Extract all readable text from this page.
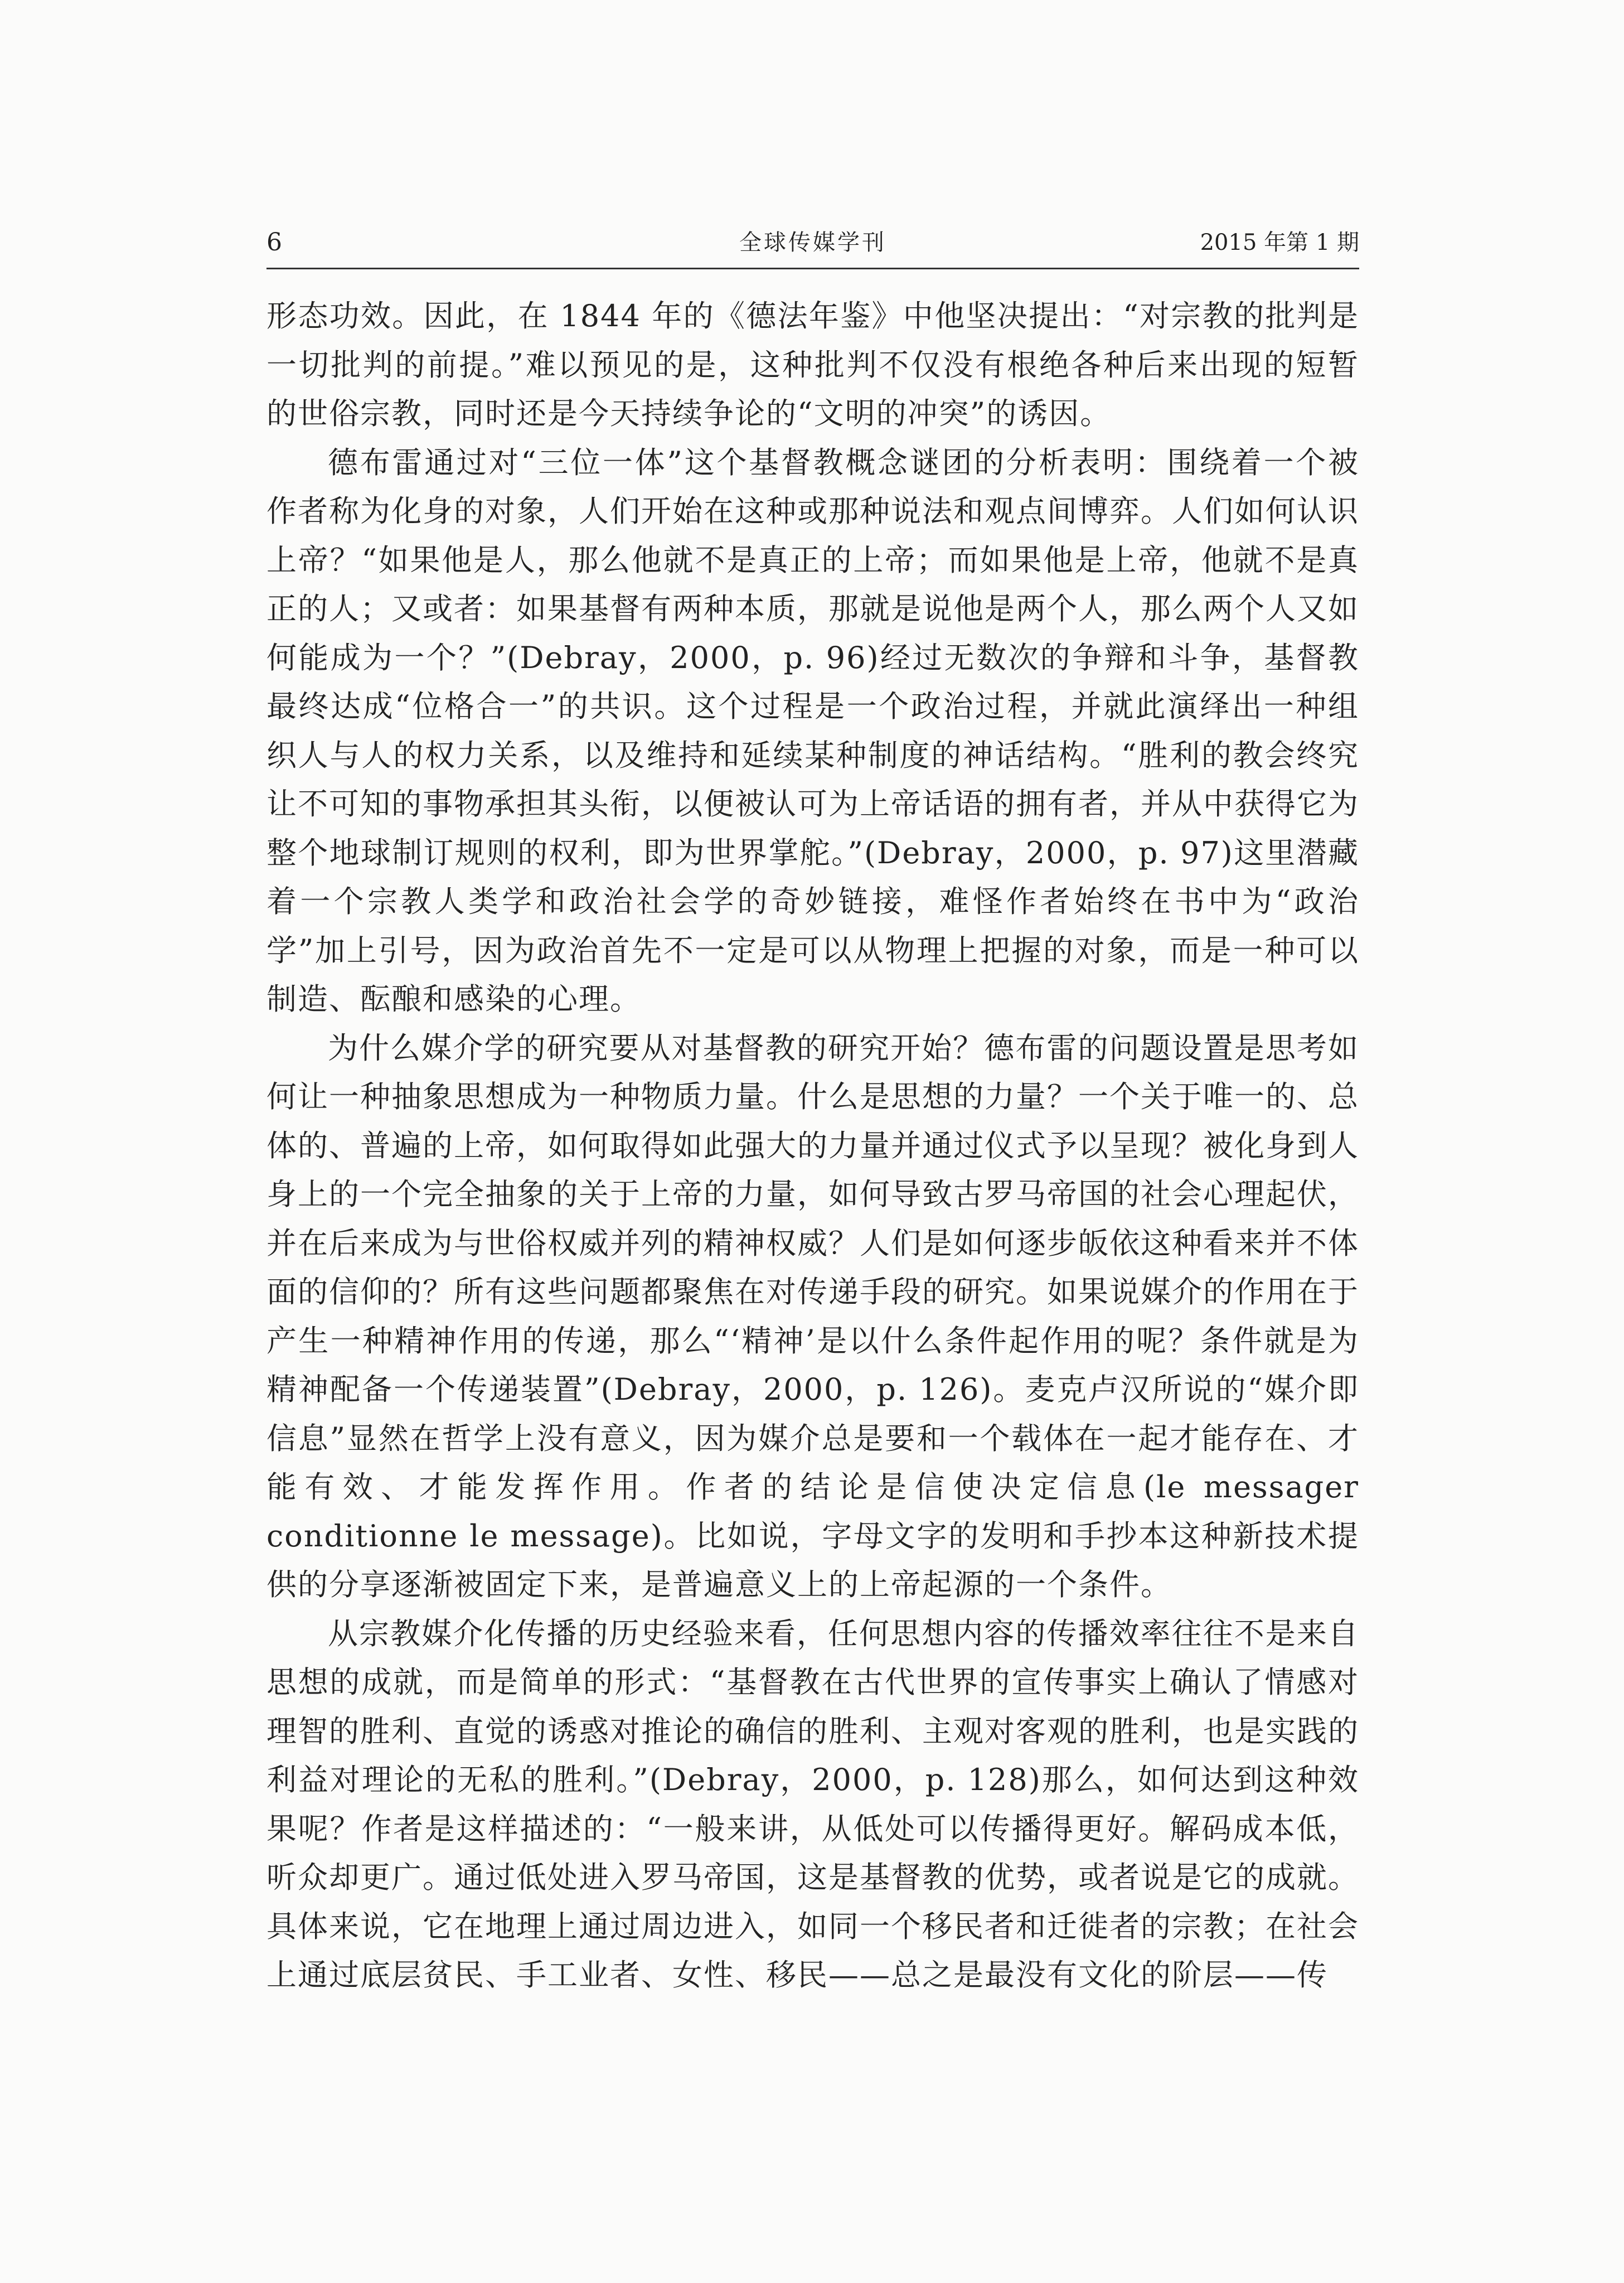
6	全球传媒学刊	2015 年第 1 期

形态功效。因此，在 1844 年的《德法年鉴》中他坚决提出：“对宗教的批判是一切批判的前提。”难以预见的是，这种批判不仅没有根绝各种后来出现的短暂的世俗宗教，同时还是今天持续争论的“文明的冲突”的诱因。

德布雷通过对“三位一体”这个基督教概念谜团的分析表明：围绕着一个被作者称为化身的对象，人们开始在这种或那种说法和观点间博弈。人们如何认识上帝？“如果他是人，那么他就不是真正的上帝；而如果他是上帝，他就不是真正的人；又或者：如果基督有两种本质，那就是说他是两个人，那么两个人又如何能成为一个？”(Debray，2000，p. 96)经过无数次的争辩和斗争，基督教最终达成“位格合一”的共识。这个过程是一个政治过程，并就此演绎出一种组织人与人的权力关系，以及维持和延续某种制度的神话结构。“胜利的教会终究让不可知的事物承担其头衔，以便被认可为上帝话语的拥有者，并从中获得它为整个地球制订规则的权利，即为世界掌舵。”(Debray，2000，p. 97)这里潜藏着一个宗教人类学和政治社会学的奇妙链接，难怪作者始终在书中为“政治学”加上引号，因为政治首先不一定是可以从物理上把握的对象，而是一种可以制造、酝酿和感染的心理。

为什么媒介学的研究要从对基督教的研究开始？德布雷的问题设置是思考如何让一种抽象思想成为一种物质力量。什么是思想的力量？一个关于唯一的、总体的、普遍的上帝，如何取得如此强大的力量并通过仪式予以呈现？被化身到人身上的一个完全抽象的关于上帝的力量，如何导致古罗马帝国的社会心理起伏，并在后来成为与世俗权威并列的精神权威？人们是如何逐步皈依这种看来并不体面的信仰的？所有这些问题都聚焦在对传递手段的研究。如果说媒介的作用在于产生一种精神作用的传递，那么“‘精神’是以什么条件起作用的呢？条件就是为精神配备一个传递装置”(Debray，2000，p. 126)。麦克卢汉所说的“媒介即信息”显然在哲学上没有意义，因为媒介总是要和一个载体在一起才能存在、才能有效、才能发挥作用。作者的结论是信使决定信息(le messager conditionne le message)。比如说，字母文字的发明和手抄本这种新技术提供的分享逐渐被固定下来，是普遍意义上的上帝起源的一个条件。

从宗教媒介化传播的历史经验来看，任何思想内容的传播效率往往不是来自思想的成就，而是简单的形式：“基督教在古代世界的宣传事实上确认了情感对理智的胜利、直觉的诱惑对推论的确信的胜利、主观对客观的胜利，也是实践的利益对理论的无私的胜利。”(Debray，2000，p. 128)那么，如何达到这种效果呢？作者是这样描述的：“一般来讲，从低处可以传播得更好。解码成本低，听众却更广。通过低处进入罗马帝国，这是基督教的优势，或者说是它的成就。具体来说，它在地理上通过周边进入，如同一个移民者和迁徙者的宗教；在社会上通过底层贫民、手工业者、女性、移民——总之是最没有文化的阶层——传
